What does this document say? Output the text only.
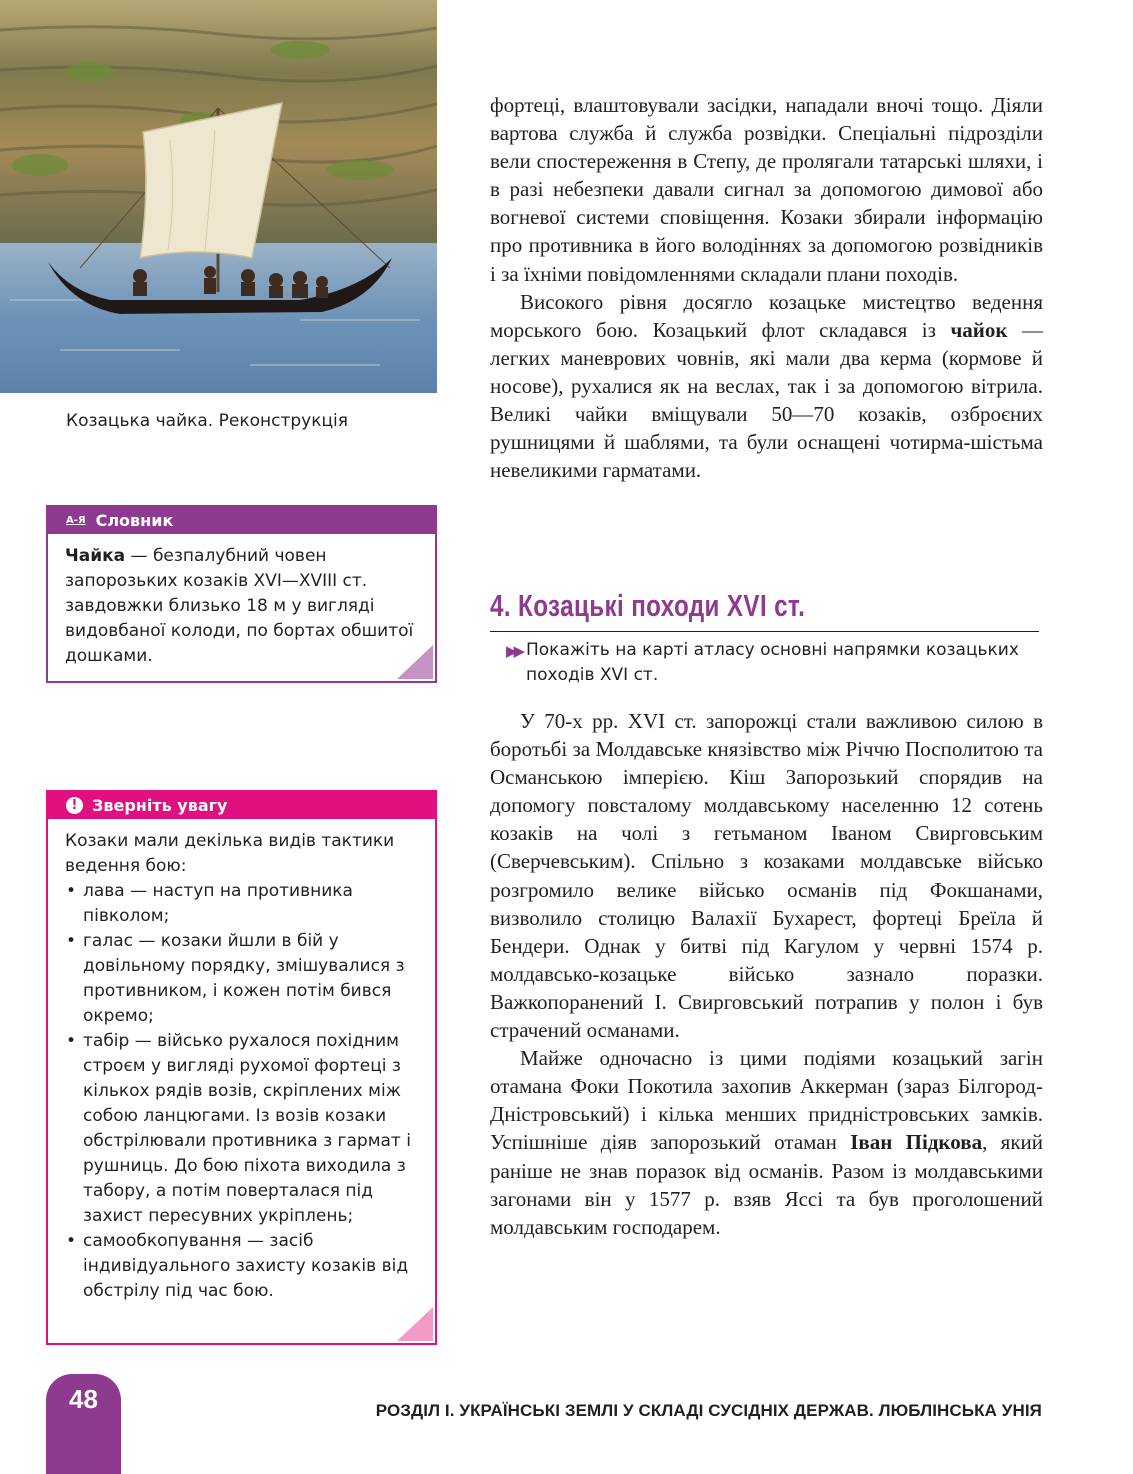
Козацька чайка. Реконструкція
А-Я Словник
Чайка — безпалубний човен запорозьких козаків XVI—XVIII ст. завдовжки близько 18 м у вигляді видовбаної колоди, по бортах обшитої дошками.
! Зверніть увагу
Козаки мали декілька видів тактики ведення бою:
• лава — наступ на противника півколом;
• галас — козаки йшли в бій у довільному порядку, змішувалися з противником, і кожен потім бився окремо;
• табір — військо рухалося похідним строєм у вигляді рухомої фортеці з кількох рядів возів, скріплених між собою ланцюгами. Із возів козаки обстрілювали противника з гармат і рушниць. До бою піхота виходила з табору, а потім поверталася під захист пересувних укріплень;
• самообкопування — засіб індивідуального захисту козаків від обстрілу під час бою.

фортеці, влаштовували засідки, нападали вночі тощо. Діяли вартова служба й служба розвідки. Спеціальні підрозділи вели спостереження в Степу, де пролягали татарські шляхи, і в разі небезпеки давали сигнал за допомогою димової або вогневої системи сповіщення. Козаки збирали інформацію про противника в його володіннях за допомогою розвідників і за їхніми повідомленнями складали плани походів.

Високого рівня досягло козацьке мистецтво ведення морського бою. Козацький флот складався із чайок — легких маневрових човнів, які мали два керма (кормове й носове), рухалися як на веслах, так і за допомогою вітрила. Великі чайки вміщували 50—70 козаків, озброєних рушницями й шаблями, та були оснащені чотирма-шістьма невеликими гарматами.

4. Козацькі походи XVI ст.
▶▶ Покажіть на карті атласу основні напрямки козацьких походів XVI ст.

У 70-х рр. XVI ст. запорожці стали важливою силою в боротьбі за Молдавське князівство між Річчю Посполитою та Османською імперією. Кіш Запорозький спорядив на допомогу повсталому молдавському населенню 12 сотень козаків на чолі з гетьманом Іваном Свирговським (Сверчевським). Спільно з козаками молдавське військо розгромило велике військо османів під Фокшанами, визволило столицю Валахії Бухарест, фортеці Бреїла й Бендери. Однак у битві під Кагулом у червні 1574 р. молдавсько-козацьке військо зазнало поразки. Важкопоранений І. Свирговський потрапив у полон і був страчений османами.

Майже одночасно із цими подіями козацький загін отамана Фоки Покотила захопив Аккерман (зараз Білгород-Дністровський) і кілька менших придністровських замків. Успішніше діяв запорозький отаман Іван Підкова, який раніше не знав поразок від османів. Разом із молдавськими загонами він у 1577 р. взяв Яссі та був проголошений молдавським господарем.

48	РОЗДІЛ І. УКРАЇНСЬКІ ЗЕМЛІ У СКЛАДІ СУСІДНІХ ДЕРЖАВ. ЛЮБЛІНСЬКА УНІЯ
